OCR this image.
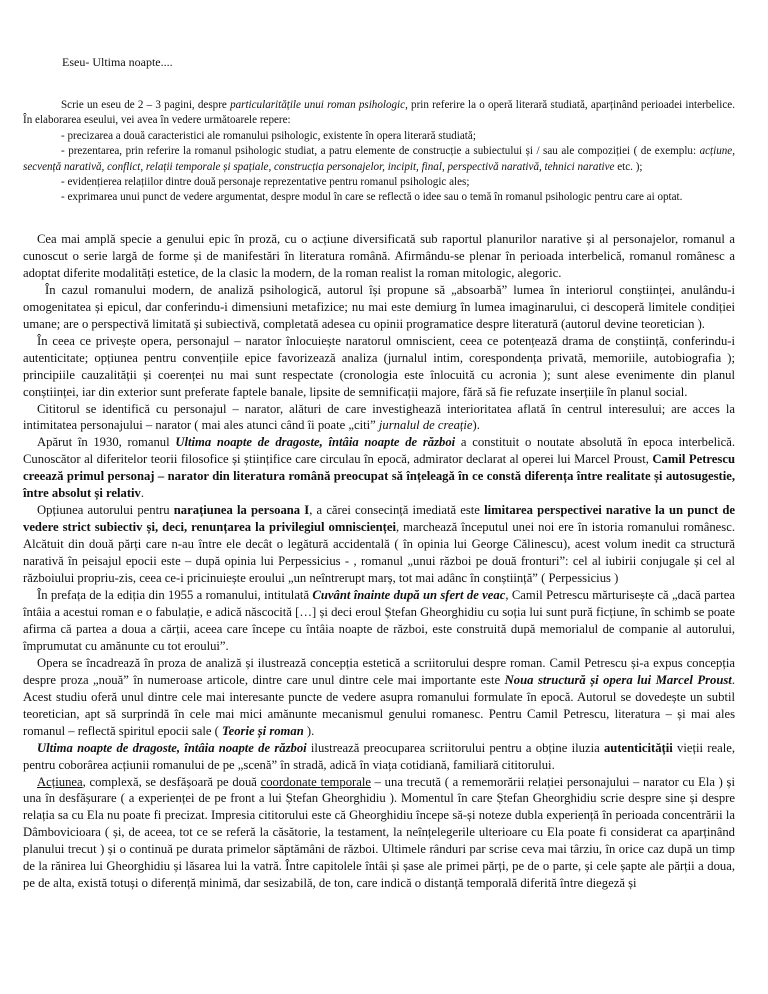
Eseu- Ultima noapte....

Scrie un eseu de 2 – 3 pagini, despre particularitățile unui roman psihologic, prin referire la o operă literară studiată, aparținând perioadei interbelice. În elaborarea eseului, vei avea în vedere următoarele repere:

- precizarea a două caracteristici ale romanului psihologic, existente în opera literară studiată;

- prezentarea, prin referire la romanul psihologic studiat, a patru elemente de construcție a subiectului și / sau ale compoziției ( de exemplu: acțiune, secvență narativă, conflict, relații temporale și spațiale, construcția personajelor, incipit, final, perspectivă narativă, tehnici narative etc. );

- evidențierea relațiilor dintre două personaje reprezentative pentru romanul psihologic ales;

- exprimarea unui punct de vedere argumentat, despre modul în care se reflectă o idee sau o temă în romanul psihologic pentru care ai optat.

Cea mai amplă specie a genului epic în proză, cu o acțiune diversificată sub raportul planurilor narative și al personajelor, romanul a cunoscut o serie largă de forme și de manifestări în literatura română. Afirmându-se plenar în perioada interbelică, romanul românesc a adoptat diferite modalități estetice, de la clasic la modern, de la roman realist la roman mitologic, alegoric.

În cazul romanului modern, de analiză psihologică, autorul își propune să „absoarbă” lumea în interiorul conștiinței, anulându-i omogenitatea și epicul, dar conferindu-i dimensiuni metafizice; nu mai este demiurg în lumea imaginarului, ci descoperă limitele condiției umane; are o perspectivă limitată și subiectivă, completată adesea cu opinii programatice despre literatură (autorul devine teoretician ).

În ceea ce privește opera, personajul – narator înlocuiește naratorul omniscient, ceea ce potențează drama de conștiință, conferindu-i autenticitate; opțiunea pentru convențiile epice favorizează analiza (jurnalul intim, corespondența privată, memoriile, autobiografia ); principiile cauzalității și coerenței nu mai sunt respectate (cronologia este înlocuită cu acronia ); sunt alese evenimente din planul conștiinței, iar din exterior sunt preferate faptele banale, lipsite de semnificații majore, fără să fie refuzate inserțiile în planul social.

Cititorul se identifică cu personajul – narator, alături de care investighează interioritatea aflată în centrul interesului; are acces la intimitatea personajului – narator ( mai ales atunci când îi poate „citi” jurnalul de creație).

Apărut în 1930, romanul Ultima noapte de dragoste, întâia noapte de război a constituit o noutate absolută în epoca interbelică. Cunoscător al diferitelor teorii filosofice și științifice care circulau în epocă, admirator declarat al operei lui Marcel Proust, Camil Petrescu creează primul personaj – narator din literatura română preocupat să înțeleagă în ce constă diferența între realitate și autosugestie, între absolut și relativ.

Opțiunea autorului pentru narațiunea la persoana I, a cărei consecință imediată este limitarea perspectivei narative la un punct de vedere strict subiectiv și, deci, renunțarea la privilegiul omniscienței, marchează începutul unei noi ere în istoria romanului românesc. Alcătuit din două părți care n-au între ele decât o legătură accidentală ( în opinia lui George Călinescu), acest volum inedit ca structură narativă în peisajul epocii este – după opinia lui Perpessicius - , romanul „unui război pe două fronturi”: cel al iubirii conjugale și cel al războiului propriu-zis, ceea ce-i pricinuiește eroului „un neîntrerupt marș, tot mai adânc în conștiință” ( Perpessicius )

În prefața de la ediția din 1955 a romanului, intitulată Cuvânt înainte după un sfert de veac, Camil Petrescu mărturisește că „dacă partea întâia a acestui roman e o fabulație, e adică născocită […] și deci eroul Ștefan Gheorghidiu cu soția lui sunt pură ficțiune, în schimb se poate afirma că partea a doua a cărții, aceea care începe cu întâia noapte de război, este construită după memorialul de companie al autorului, împrumutat cu amănunte cu tot eroului”.

Opera se încadrează în proza de analiză și ilustrează concepția estetică a scriitorului despre roman. Camil Petrescu și-a expus concepția despre proza „nouă” în numeroase articole, dintre care unul dintre cele mai importante este Noua structură și opera lui Marcel Proust. Acest studiu oferă unul dintre cele mai interesante puncte de vedere asupra romanului formulate în epocă. Autorul se dovedește un subtil teoretician, apt să surprindă în cele mai mici amănunte mecanismul genului romanesc. Pentru Camil Petrescu, literatura – și mai ales romanul – reflectă spiritul epocii sale ( Teorie și roman ).

Ultima noapte de dragoste, întâia noapte de război ilustrează preocuparea scriitorului pentru a obține iluzia autenticității vieții reale, pentru coborârea acțiunii romanului de pe „scenă” în stradă, adică în viața cotidiană, familiară cititorului.

Acțiunea, complexă, se desfășoară pe două coordonate temporale – una trecută ( a rememorării relației personajului – narator cu Ela ) și una în desfășurare ( a experienței de pe front a lui Ștefan Gheorghidiu ). Momentul în care Ștefan Gheorghidiu scrie despre sine și despre relația sa cu Ela nu poate fi precizat. Impresia cititorului este că Gheorghidiu începe să-și noteze dubla experiență în perioada concentrării la Dâmbovicioara ( și, de aceea, tot ce se referă la căsătorie, la testament, la neînțelegerile ulterioare cu Ela poate fi considerat ca aparținând planului trecut ) și o continuă pe durata primelor săptămâni de război. Ultimele rânduri par scrise ceva mai târziu, în orice caz după un timp de la rănirea lui Gheorghidiu și lăsarea lui la vatră. Între capitolele întâi și șase ale primei părți, pe de o parte, și cele șapte ale părții a doua, pe de alta, există totuși o diferență minimă, dar sesizabilă, de ton, care indică o distanță temporală diferită între diegeză și
